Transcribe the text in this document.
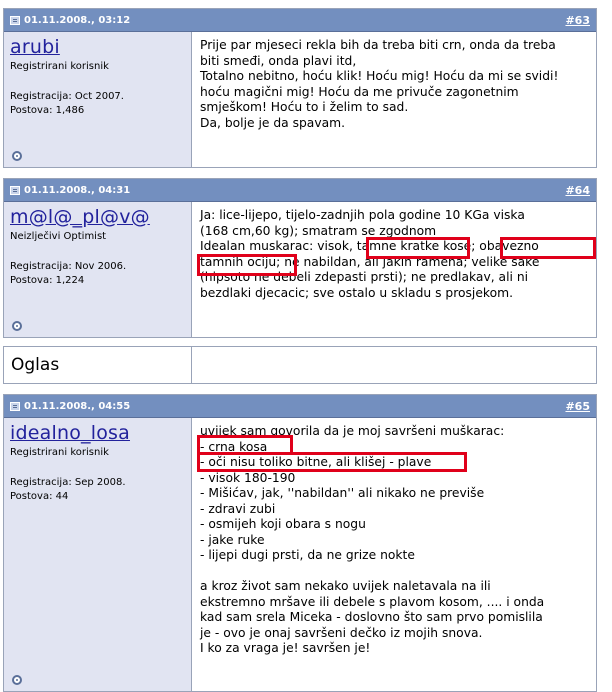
01.11.2008., 03:12	#63
arubi
Registrirani korisnik
Registracija: Oct 2007.
Postova: 1,486
Prije par mjeseci rekla bih da treba biti crn, onda da treba
biti smeđi, onda plavi itd,
Totalno nebitno, hoću klik! Hoću mig! Hoću da mi se svidi!
hoću magični mig! Hoću da me privuče zagonetnim
smješkom! Hoću to i želim to sad.
Da, bolje je da spavam.
01.11.2008., 04:31	#64
m@l@_pl@v@
Neizlječivi Optimist
Registracija: Nov 2006.
Postova: 1,224
Ja: lice-lijepo, tijelo-zadnjih pola godine 10 KGa viska
(168 cm,60 kg); smatram se zgodnom
Idealan muskarac: visok, tamne kratke kose; obavezno
tamnih ociju; ne nabildan, ali jakih ramena; velike sake
(hipsoto ne debeli zdepasti prsti); ne predlakav, ali ni
bezdlaki djecacic; sve ostalo u skladu s prosjekom.
Oglas
01.11.2008., 04:55	#65
idealno_losa
Registrirani korisnik
Registracija: Sep 2008.
Postova: 44
uvijek sam govorila da je moj savršeni muškarac:
- crna kosa
- oči nisu toliko bitne, ali klišej - plave
- visok 180-190
- Mišićav, jak, ''nabildan'' ali nikako ne previše
- zdravi zubi
- osmijeh koji obara s nogu
- jake ruke
- lijepi dugi prsti, da ne grize nokte

a kroz život sam nekako uvijek naletavala na ili
ekstremno mršave ili debele s plavom kosom, .... i onda
kad sam srela Miceka - doslovno što sam prvo pomislila
je - ovo je onaj savršeni dečko iz mojih snova.
I ko za vraga je! savršen je!
